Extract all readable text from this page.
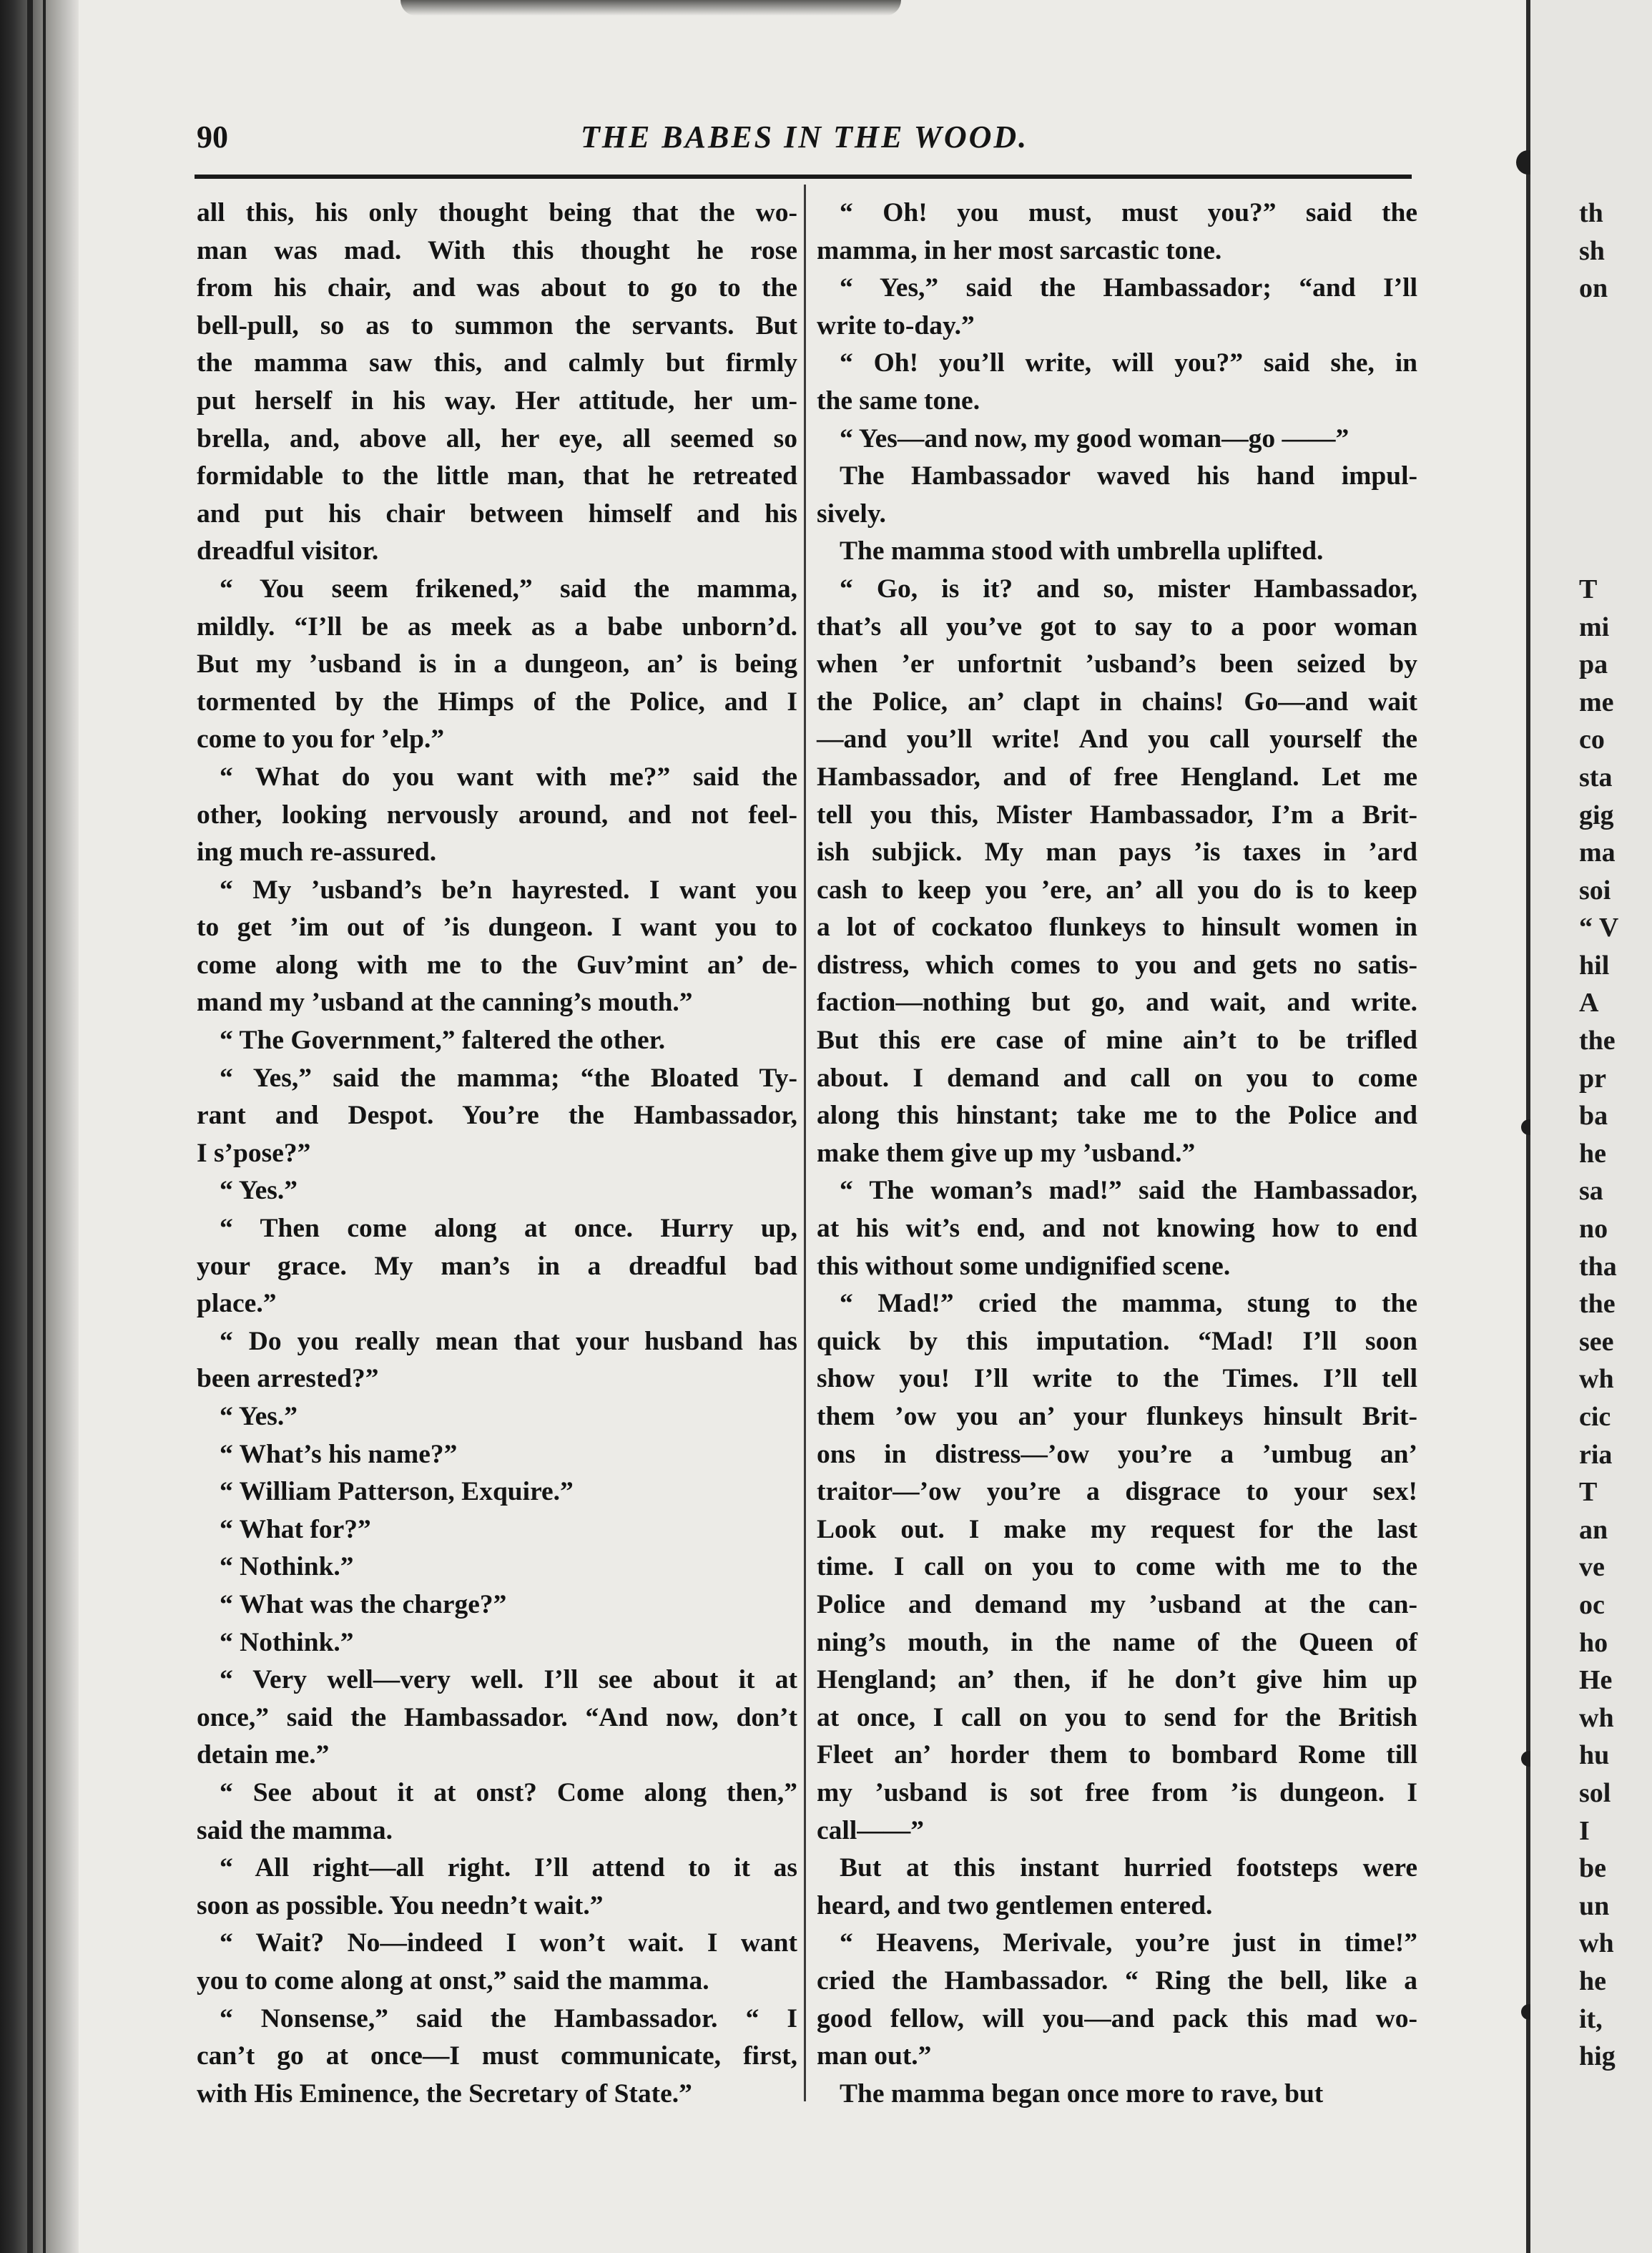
90	THE BABES IN THE WOOD.

all this, his only thought being that the wo-
man was mad. With this thought he rose
from his chair, and was about to go to the
bell-pull, so as to summon the servants. But
the mamma saw this, and calmly but firmly
put herself in his way. Her attitude, her um-
brella, and, above all, her eye, all seemed so
formidable to the little man, that he retreated
and put his chair between himself and his
dreadful visitor.

“ You seem frikened,” said the mamma,
mildly. “I’ll be as meek as a babe unborn’d.
But my ’usband is in a dungeon, an’ is being
tormented by the Himps of the Police, and I
come to you for ’elp.”

“ What do you want with me?” said the
other, looking nervously around, and not feel-
ing much re-assured.

“ My ’usband’s be’n hayrested. I want you
to get ’im out of ’is dungeon. I want you to
come along with me to the Guv’mint an’ de-
mand my ’usband at the canning’s mouth.”

“ The Government,” faltered the other.

“ Yes,” said the mamma; “the Bloated Ty-
rant and Despot. You’re the Hambassador,
I s’pose?”

“ Yes.”

“ Then come along at once. Hurry up,
your grace. My man’s in a dreadful bad
place.”

“ Do you really mean that your husband has
been arrested?”

“ Yes.”

“ What’s his name?”

“ William Patterson, Exquire.”

“ What for?”

“ Nothink.”

“ What was the charge?”

“ Nothink.”

“ Very well—very well. I’ll see about it at
once,” said the Hambassador. “And now, don’t
detain me.”

“ See about it at onst? Come along then,”
said the mamma.

“ All right—all right. I’ll attend to it as
soon as possible. You needn’t wait.”

“ Wait? No—indeed I won’t wait. I want
you to come along at onst,” said the mamma.

“ Nonsense,” said the Hambassador. “ I
can’t go at once—I must communicate, first,
with His Eminence, the Secretary of State.”

“ Oh! you must, must you?” said the
mamma, in her most sarcastic tone.

“ Yes,” said the Hambassador; “and I’ll
write to-day.”

“ Oh! you’ll write, will you?” said she, in
the same tone.

“ Yes—and now, my good woman—go ——”

The Hambassador waved his hand impul-
sively.

The mamma stood with umbrella uplifted.

“ Go, is it? and so, mister Hambassador,
that’s all you’ve got to say to a poor woman
when ’er unfortnit ’usband’s been seized by
the Police, an’ clapt in chains! Go—and wait
—and you’ll write! And you call yourself the
Hambassador, and of free Hengland. Let me
tell you this, Mister Hambassador, I’m a Brit-
ish subjick. My man pays ’is taxes in ’ard
cash to keep you ’ere, an’ all you do is to keep
a lot of cockatoo flunkeys to hinsult women in
distress, which comes to you and gets no satis-
faction—nothing but go, and wait, and write.
But this ere case of mine ain’t to be trifled
about. I demand and call on you to come
along this hinstant; take me to the Police and
make them give up my ’usband.”

“ The woman’s mad!” said the Hambassador,
at his wit’s end, and not knowing how to end
this without some undignified scene.

“ Mad!” cried the mamma, stung to the
quick by this imputation. “Mad! I’ll soon
show you! I’ll write to the Times. I’ll tell
them ’ow you an’ your flunkeys hinsult Brit-
ons in distress—’ow you’re a ’umbug an’
traitor—’ow you’re a disgrace to your sex!
Look out. I make my request for the last
time. I call on you to come with me to the
Police and demand my ’usband at the can-
ning’s mouth, in the name of the Queen of
Hengland; an’ then, if he don’t give him up
at once, I call on you to send for the British
Fleet an’ horder them to bombard Rome till
my ’usband is sot free from ’is dungeon. I
call——”

But at this instant hurried footsteps were
heard, and two gentlemen entered.

“ Heavens, Merivale, you’re just in time!”
cried the Hambassador. “ Ring the bell, like a
good fellow, will you—and pack this mad wo-
man out.”

The mamma began once more to rave, but

th
sh
on
T
mi
pa
me
co
sta
gig
ma
soi
“ V
hil
A
the
pr
ba
he
sa
no
tha
the
see
wh
cic
ria
T
an
ve
oc
ho
He
wh
hu
sol
I
be
un
wh
he
it,
hig
